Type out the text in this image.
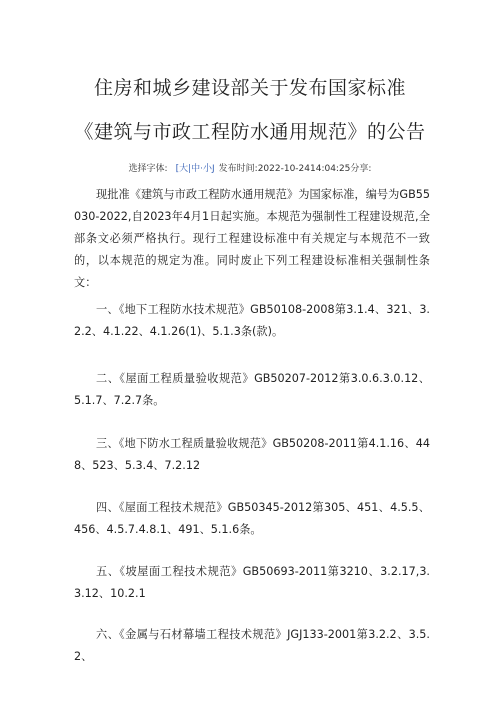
住房和城乡建设部关于发布国家标准
《建筑与市政工程防水通用规范》的公告
选择字体: [大|中·小J 发布时间:2022-10-2414:04:25分享:
现批准《建筑与市政工程防水通用规范》为国家标准，编号为GB55030-2022,自2023年4月1日起实施。本规范为强制性工程建设规范,全部条文必须严格执行。现行工程建设标准中有关规定与本规范不一致的，以本规范的规定为准。同时废止下列工程建设标准相关强制性条文：
一、《地下工程防水技术规范》GB50108-2008第3.1.4、321、3.2.2、4.1.22、4.1.26(1)、5.1.3条(款)。
二、《屋面工程质量验收规范》GB50207-2012第3.0.6.3.0.12、5.1.7、7.2.7条。
三、《地下防水工程质量验收规范》GB50208-2011第4.1.16、448、523、5.3.4、7.2.12
四、《屋面工程技术规范》GB50345-2012第305、451、4.5.5、456、4.5.7.4.8.1、491、5.1.6条。
五、《坡屋面工程技术规范》GB50693-2011第3210、3.2.17,3.3.12、10.2.1
六、《金属与石材幕墙工程技术规范》JGJ133-2001第3.2.2、3.5.2、
